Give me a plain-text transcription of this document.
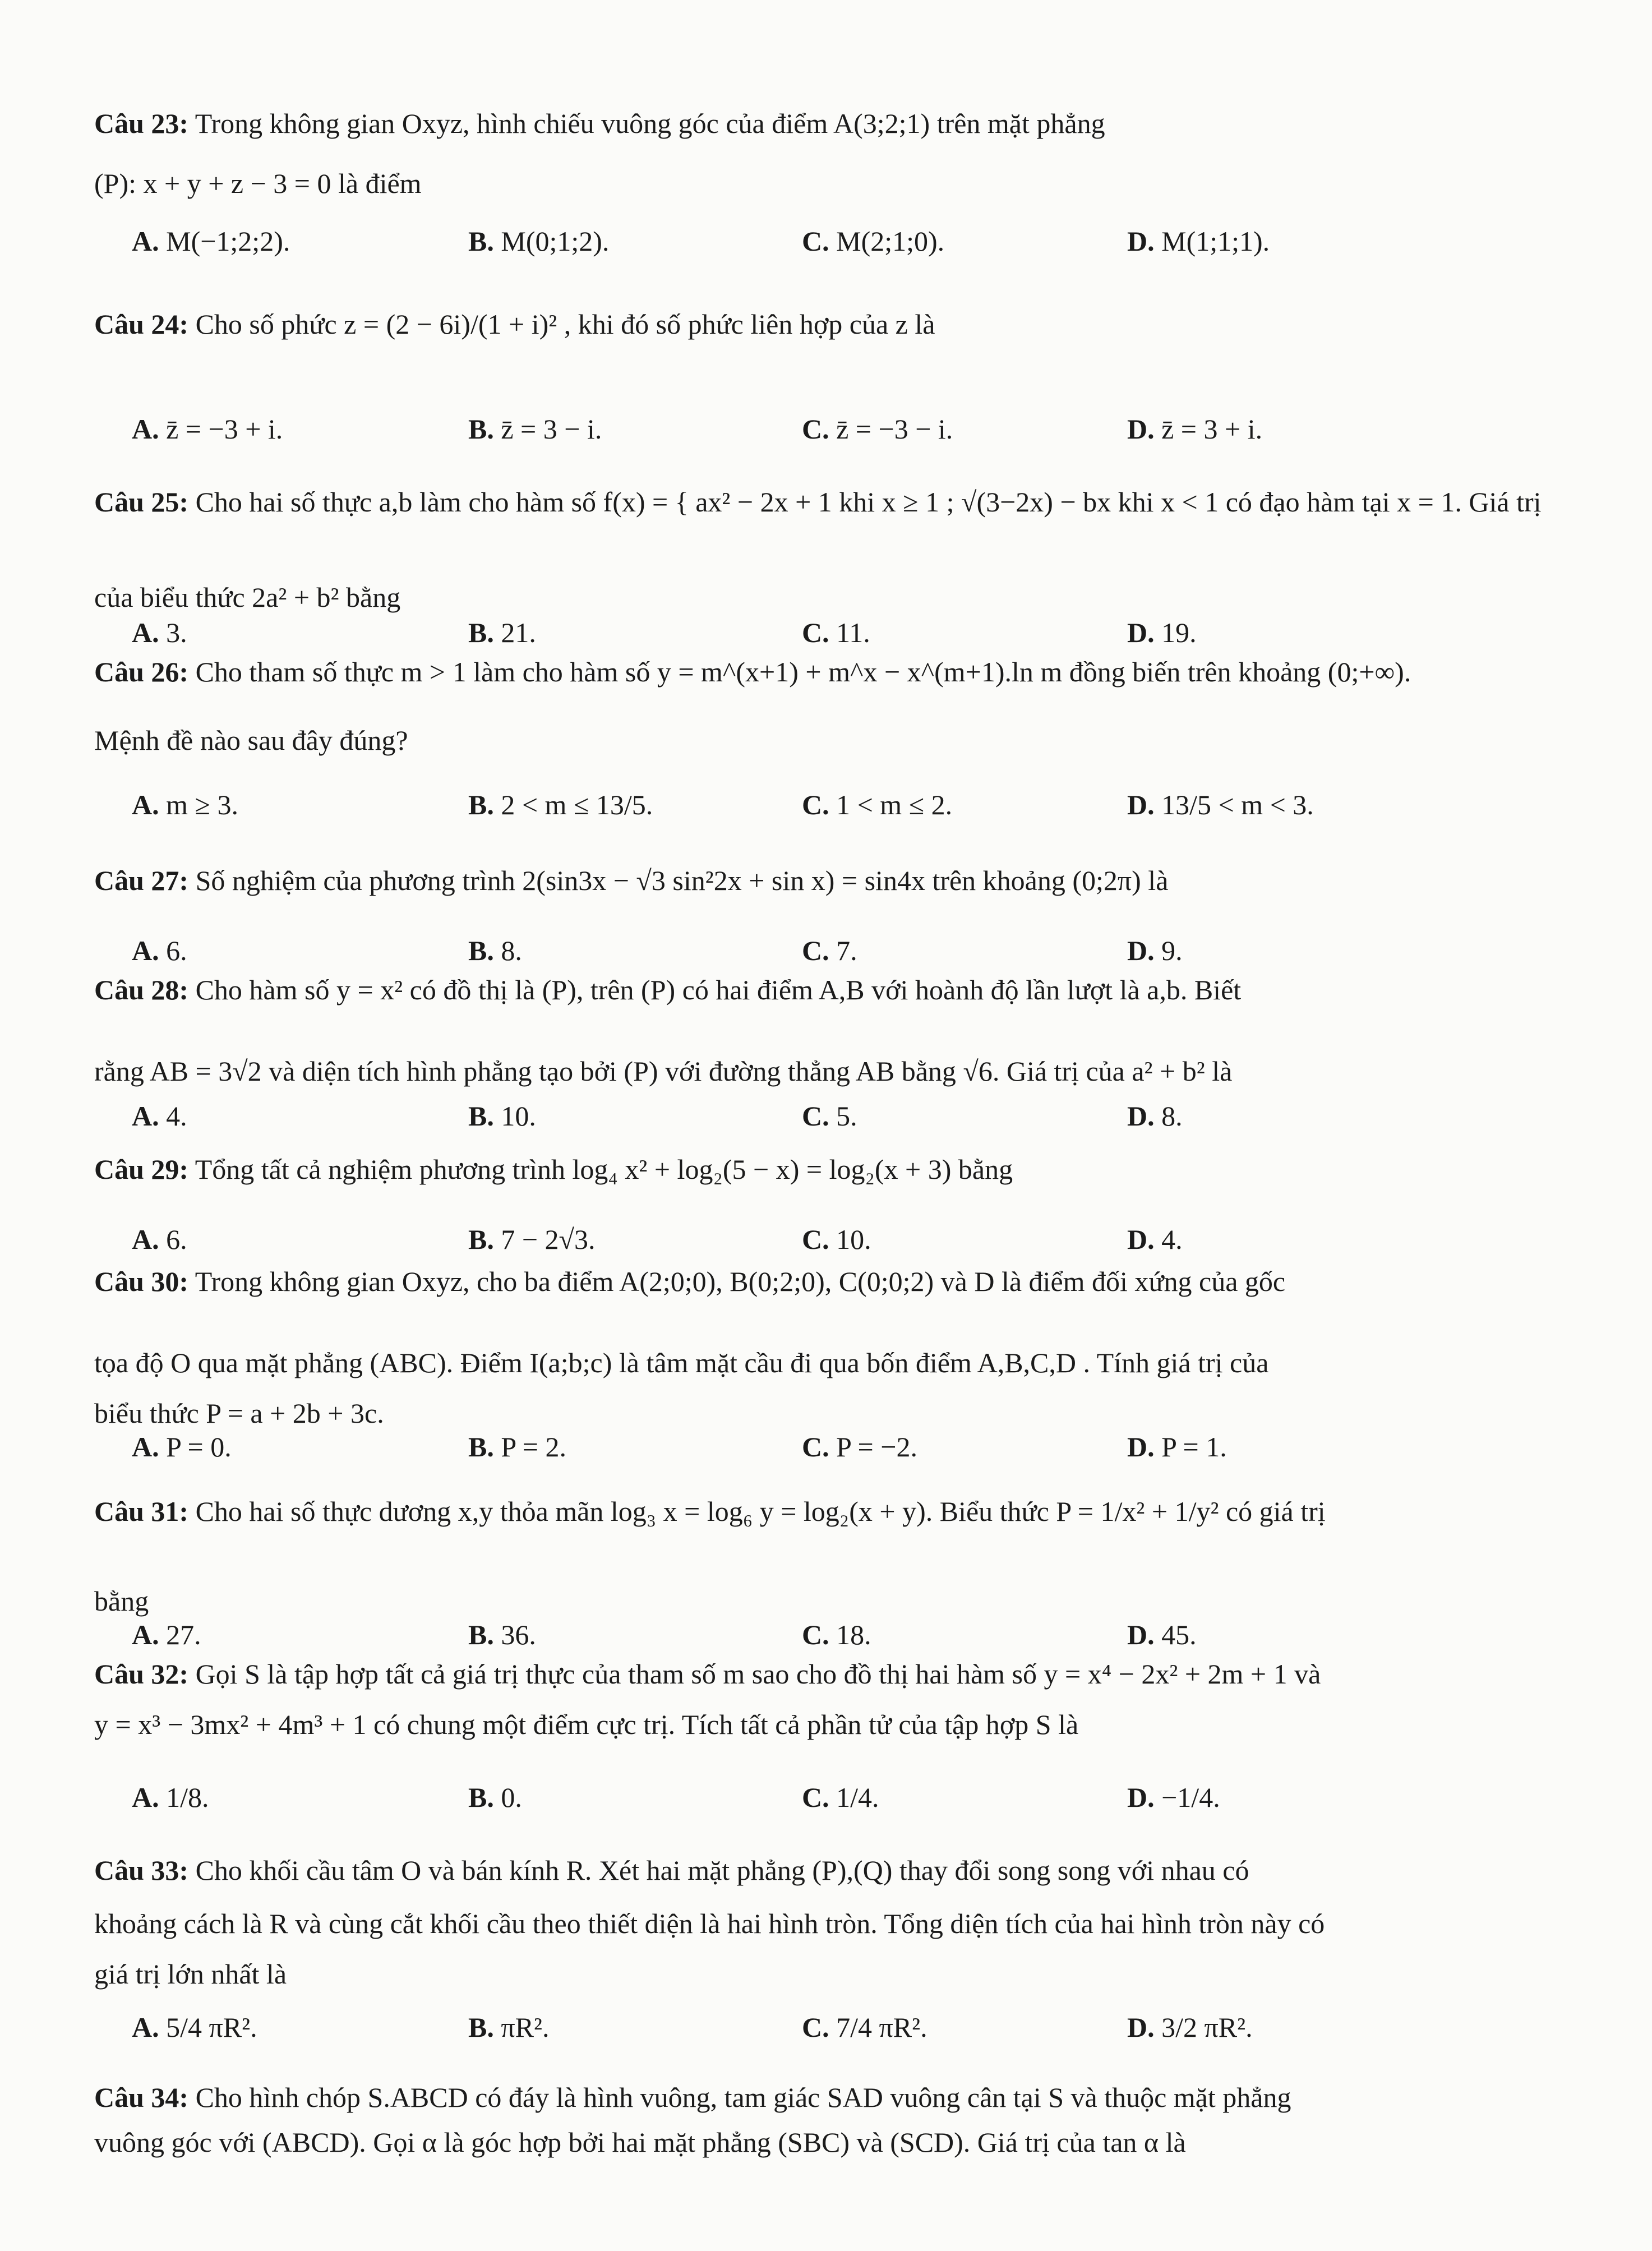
Câu 23: Trong không gian Oxyz, hình chiếu vuông góc của điểm A(3;2;1) trên mặt phẳng
(P): x + y + z − 3 = 0 là điểm
A. M(−1;2;2).	B. M(0;1;2).	C. M(2;1;0).	D. M(1;1;1).
Câu 24: Cho số phức z = (2 − 6i)/(1 + i)² , khi đó số phức liên hợp của z là
A. z̄ = −3 + i.	B. z̄ = 3 − i.	C. z̄ = −3 − i.	D. z̄ = 3 + i.
Câu 25: Cho hai số thực a,b làm cho hàm số f(x) = { ax² − 2x + 1 khi x ≥ 1 ; √(3−2x) − bx khi x < 1 có đạo hàm tại x = 1. Giá trị
của biểu thức 2a² + b² bằng
A. 3.	B. 21.	C. 11.	D. 19.
Câu 26: Cho tham số thực m > 1 làm cho hàm số y = m^(x+1) + m^x − x^(m+1).ln m đồng biến trên khoảng (0;+∞).
Mệnh đề nào sau đây đúng?
A. m ≥ 3.	B. 2 < m ≤ 13/5.	C. 1 < m ≤ 2.	D. 13/5 < m < 3.
Câu 27: Số nghiệm của phương trình 2(sin3x − √3 sin²2x + sin x) = sin4x trên khoảng (0;2π) là
A. 6.	B. 8.	C. 7.	D. 9.
Câu 28: Cho hàm số y = x² có đồ thị là (P), trên (P) có hai điểm A,B với hoành độ lần lượt là a,b. Biết
rằng AB = 3√2 và diện tích hình phẳng tạo bởi (P) với đường thẳng AB bằng √6. Giá trị của a² + b² là
A. 4.	B. 10.	C. 5.	D. 8.
Câu 29: Tổng tất cả nghiệm phương trình log₄ x² + log₂(5 − x) = log₂(x + 3) bằng
A. 6.	B. 7 − 2√3.	C. 10.	D. 4.
Câu 30: Trong không gian Oxyz, cho ba điểm A(2;0;0), B(0;2;0), C(0;0;2) và D là điểm đối xứng của gốc
tọa độ O qua mặt phẳng (ABC). Điểm I(a;b;c) là tâm mặt cầu đi qua bốn điểm A,B,C,D . Tính giá trị của
biểu thức P = a + 2b + 3c.
A. P = 0.	B. P = 2.	C. P = −2.	D. P = 1.
Câu 31: Cho hai số thực dương x,y thỏa mãn log₃ x = log₆ y = log₂(x + y). Biểu thức P = 1/x² + 1/y² có giá trị
bằng
A. 27.	B. 36.	C. 18.	D. 45.
Câu 32: Gọi S là tập hợp tất cả giá trị thực của tham số m sao cho đồ thị hai hàm số y = x⁴ − 2x² + 2m + 1 và
y = x³ − 3mx² + 4m³ + 1 có chung một điểm cực trị. Tích tất cả phần tử của tập hợp S là
A. 1/8.	B. 0.	C. 1/4.	D. −1/4.
Câu 33: Cho khối cầu tâm O và bán kính R. Xét hai mặt phẳng (P),(Q) thay đổi song song với nhau có
khoảng cách là R và cùng cắt khối cầu theo thiết diện là hai hình tròn. Tổng diện tích của hai hình tròn này có
giá trị lớn nhất là
A. 5/4 πR².	B. πR².	C. 7/4 πR².	D. 3/2 πR².
Câu 34: Cho hình chóp S.ABCD có đáy là hình vuông, tam giác SAD vuông cân tại S và thuộc mặt phẳng
vuông góc với (ABCD). Gọi α là góc hợp bởi hai mặt phẳng (SBC) và (SCD). Giá trị của tan α là
